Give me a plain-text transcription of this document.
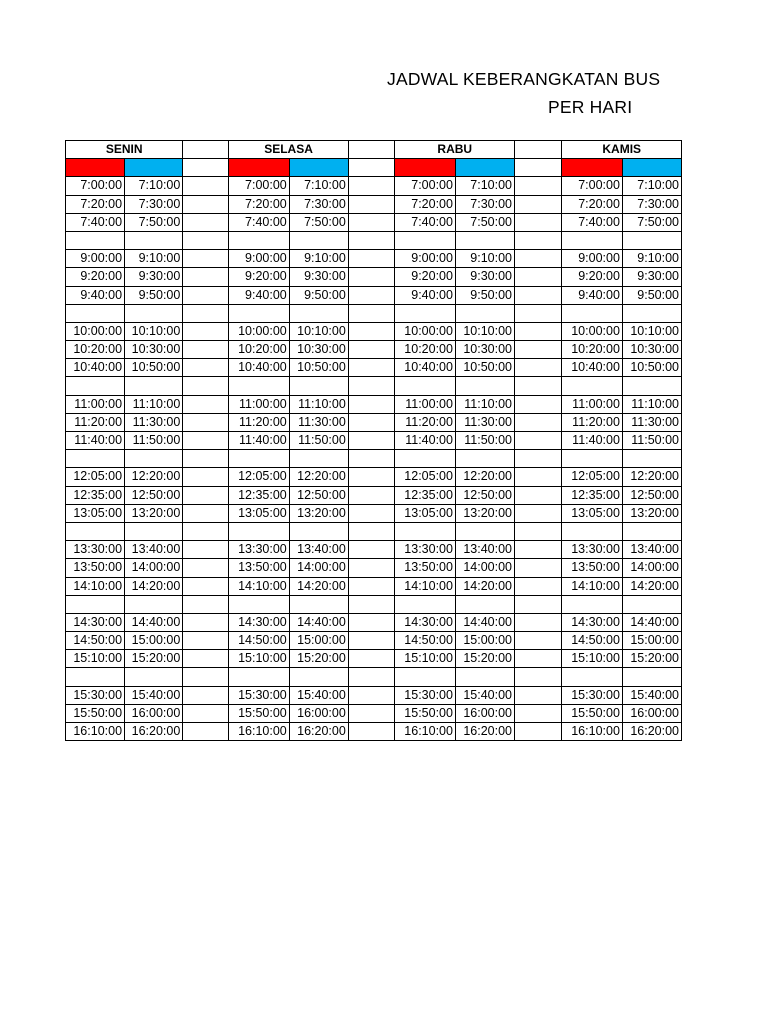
JADWAL KEBERANGKATAN BUS
PER HARI
SENIN			SELASA			RABU			KAMIS	

7:00:00	7:10:00		7:00:00	7:10:00		7:00:00	7:10:00		7:00:00	7:10:00
7:20:00	7:30:00		7:20:00	7:30:00		7:20:00	7:30:00		7:20:00	7:30:00
7:40:00	7:50:00		7:40:00	7:50:00		7:40:00	7:50:00		7:40:00	7:50:00

9:00:00	9:10:00		9:00:00	9:10:00		9:00:00	9:10:00		9:00:00	9:10:00
9:20:00	9:30:00		9:20:00	9:30:00		9:20:00	9:30:00		9:20:00	9:30:00
9:40:00	9:50:00		9:40:00	9:50:00		9:40:00	9:50:00		9:40:00	9:50:00

10:00:00	10:10:00		10:00:00	10:10:00		10:00:00	10:10:00		10:00:00	10:10:00
10:20:00	10:30:00		10:20:00	10:30:00		10:20:00	10:30:00		10:20:00	10:30:00
10:40:00	10:50:00		10:40:00	10:50:00		10:40:00	10:50:00		10:40:00	10:50:00

11:00:00	11:10:00		11:00:00	11:10:00		11:00:00	11:10:00		11:00:00	11:10:00
11:20:00	11:30:00		11:20:00	11:30:00		11:20:00	11:30:00		11:20:00	11:30:00
11:40:00	11:50:00		11:40:00	11:50:00		11:40:00	11:50:00		11:40:00	11:50:00

12:05:00	12:20:00		12:05:00	12:20:00		12:05:00	12:20:00		12:05:00	12:20:00
12:35:00	12:50:00		12:35:00	12:50:00		12:35:00	12:50:00		12:35:00	12:50:00
13:05:00	13:20:00		13:05:00	13:20:00		13:05:00	13:20:00		13:05:00	13:20:00

13:30:00	13:40:00		13:30:00	13:40:00		13:30:00	13:40:00		13:30:00	13:40:00
13:50:00	14:00:00		13:50:00	14:00:00		13:50:00	14:00:00		13:50:00	14:00:00
14:10:00	14:20:00		14:10:00	14:20:00		14:10:00	14:20:00		14:10:00	14:20:00

14:30:00	14:40:00		14:30:00	14:40:00		14:30:00	14:40:00		14:30:00	14:40:00
14:50:00	15:00:00		14:50:00	15:00:00		14:50:00	15:00:00		14:50:00	15:00:00
15:10:00	15:20:00		15:10:00	15:20:00		15:10:00	15:20:00		15:10:00	15:20:00

15:30:00	15:40:00		15:30:00	15:40:00		15:30:00	15:40:00		15:30:00	15:40:00
15:50:00	16:00:00		15:50:00	16:00:00		15:50:00	16:00:00		15:50:00	16:00:00
16:10:00	16:20:00		16:10:00	16:20:00		16:10:00	16:20:00		16:10:00	16:20:00
